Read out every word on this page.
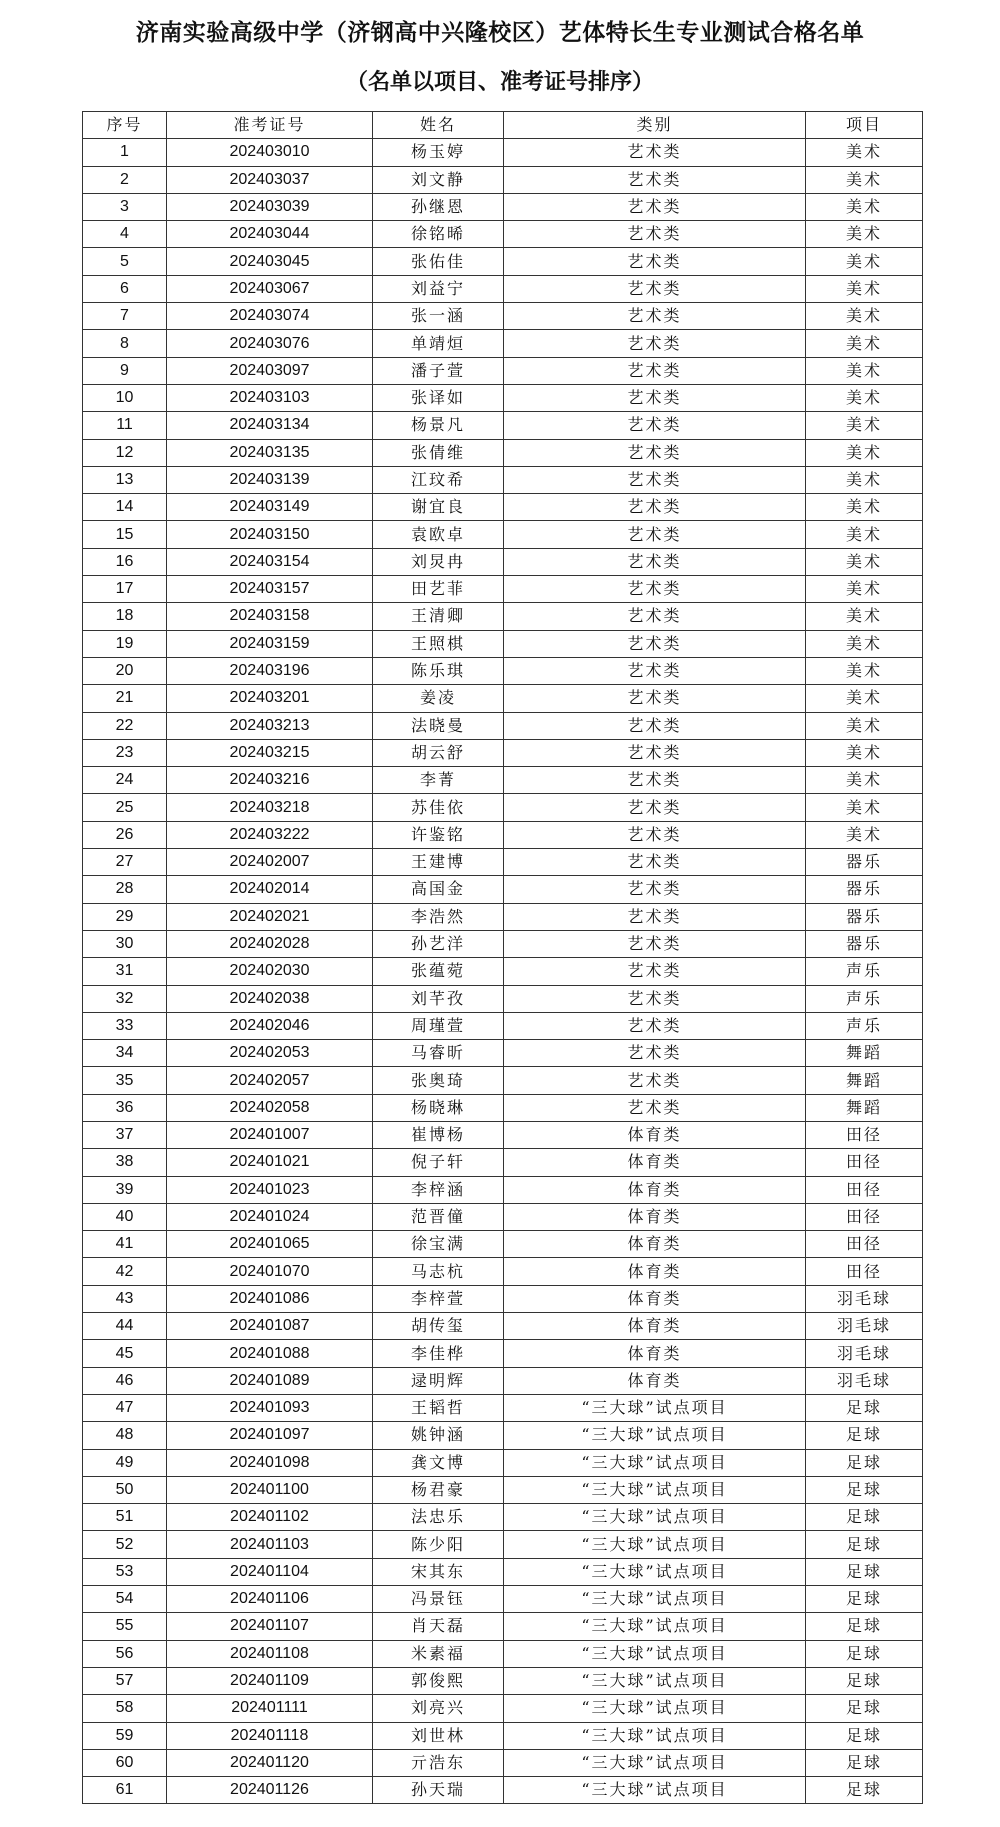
济南实验高级中学（济钢高中兴隆校区）艺体特长生专业测试合格名单
（名单以项目、准考证号排序）
序号	准考证号	姓名	类别	项目
1	202403010	杨玉婷	艺术类	美术
2	202403037	刘文静	艺术类	美术
3	202403039	孙继恩	艺术类	美术
4	202403044	徐铭晞	艺术类	美术
5	202403045	张佑佳	艺术类	美术
6	202403067	刘益宁	艺术类	美术
7	202403074	张一涵	艺术类	美术
8	202403076	单靖烜	艺术类	美术
9	202403097	潘子萱	艺术类	美术
10	202403103	张译如	艺术类	美术
11	202403134	杨景凡	艺术类	美术
12	202403135	张倩维	艺术类	美术
13	202403139	江玟希	艺术类	美术
14	202403149	谢宜良	艺术类	美术
15	202403150	袁欧卓	艺术类	美术
16	202403154	刘炅冉	艺术类	美术
17	202403157	田艺菲	艺术类	美术
18	202403158	王清卿	艺术类	美术
19	202403159	王照棋	艺术类	美术
20	202403196	陈乐琪	艺术类	美术
21	202403201	姜凌	艺术类	美术
22	202403213	法晓曼	艺术类	美术
23	202403215	胡云舒	艺术类	美术
24	202403216	李菁	艺术类	美术
25	202403218	苏佳依	艺术类	美术
26	202403222	许鉴铭	艺术类	美术
27	202402007	王建博	艺术类	器乐
28	202402014	高国金	艺术类	器乐
29	202402021	李浩然	艺术类	器乐
30	202402028	孙艺洋	艺术类	器乐
31	202402030	张蕴菀	艺术类	声乐
32	202402038	刘芊孜	艺术类	声乐
33	202402046	周瑾萱	艺术类	声乐
34	202402053	马睿昕	艺术类	舞蹈
35	202402057	张奥琦	艺术类	舞蹈
36	202402058	杨晓琳	艺术类	舞蹈
37	202401007	崔博杨	体育类	田径
38	202401021	倪子轩	体育类	田径
39	202401023	李梓涵	体育类	田径
40	202401024	范晋僮	体育类	田径
41	202401065	徐宝满	体育类	田径
42	202401070	马志杭	体育类	田径
43	202401086	李梓萱	体育类	羽毛球
44	202401087	胡传玺	体育类	羽毛球
45	202401088	李佳桦	体育类	羽毛球
46	202401089	逯明辉	体育类	羽毛球
47	202401093	王韬哲	“三大球”试点项目	足球
48	202401097	姚钟涵	“三大球”试点项目	足球
49	202401098	龚文博	“三大球”试点项目	足球
50	202401100	杨君豪	“三大球”试点项目	足球
51	202401102	法忠乐	“三大球”试点项目	足球
52	202401103	陈少阳	“三大球”试点项目	足球
53	202401104	宋其东	“三大球”试点项目	足球
54	202401106	冯景钰	“三大球”试点项目	足球
55	202401107	肖天磊	“三大球”试点项目	足球
56	202401108	米素福	“三大球”试点项目	足球
57	202401109	郭俊熙	“三大球”试点项目	足球
58	202401111	刘亮兴	“三大球”试点项目	足球
59	202401118	刘世林	“三大球”试点项目	足球
60	202401120	亓浩东	“三大球”试点项目	足球
61	202401126	孙天瑞	“三大球”试点项目	足球
